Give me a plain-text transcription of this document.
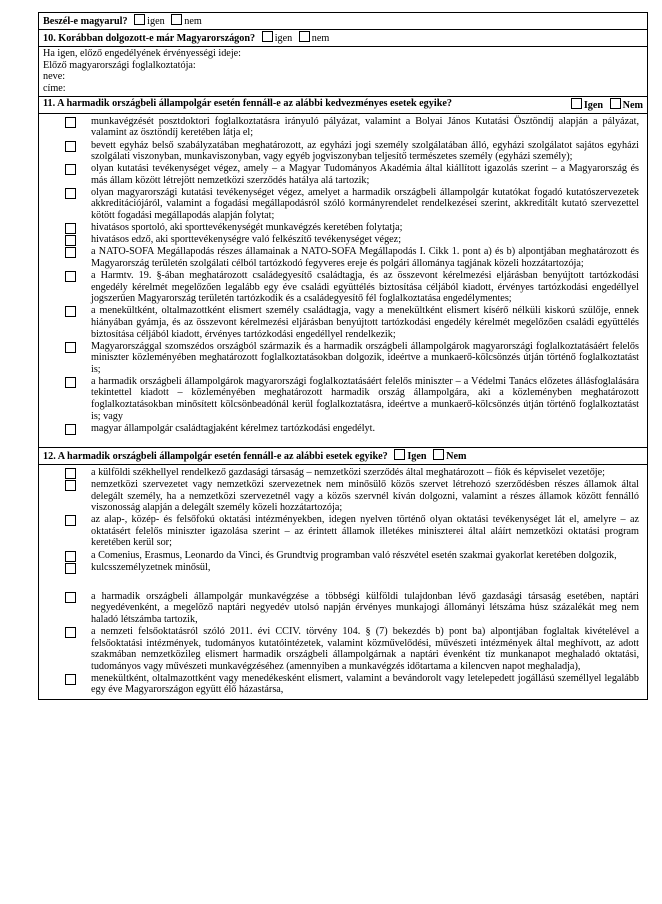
Beszél-e magyarul? igen nem
10. Korábban dolgozott-e már Magyarországon? igen nem
Ha igen, előző engedélyének érvényességi ideje:
Előző magyarországi foglalkoztatója:
neve:
címe:
11. A harmadik országbeli állampolgár esetén fennáll-e az alábbi kedvezményes esetek egyike?	Igen Nem
munkavégzését posztdoktori foglalkoztatásra irányuló pályázat, valamint a Bolyai János Kutatási Ösztöndíj alapján a pályázat, valamint az ösztöndíj keretében látja el;
bevett egyház belső szabályzatában meghatározott, az egyházi jogi személy szolgálatában álló, egyházi szolgálatot sajátos egyházi szolgálati viszonyban, munkaviszonyban, vagy egyéb jogviszonyban teljesítő természetes személy (egyházi személy);
olyan kutatási tevékenységet végez, amely – a Magyar Tudományos Akadémia által kiállított igazolás szerint – a Magyarország és más állam között létrejött nemzetközi szerződés hatálya alá tartozik;
olyan magyarországi kutatási tevékenységet végez, amelyet a harmadik országbeli állampolgár kutatókat fogadó kutatószervezetek akkreditációjáról, valamint a fogadási megállapodásról szóló kormányrendelet rendelkezései szerint, akkreditált kutató szervezettel kötött fogadási megállapodás alapján folytat;
hivatásos sportoló, aki sporttevékenységét munkavégzés keretében folytatja;
hivatásos edző, aki sporttevékenységre való felkészítő tevékenységet végez;
a NATO-SOFA Megállapodás részes államainak a NATO-SOFA Megállapodás I. Cikk 1. pont a) és b) alpontjában meghatározott és Magyarország területén szolgálati célból tartózkodó fegyveres ereje és polgári állományа tagjának közeli hozzátartozója;
a Harmtv. 19. §-ában meghatározott családegyesítő családtagja, és az összevont kérelmezési eljárásban benyújtott tartózkodási engedély kérelmét megelőzően legalább egy éve családi együttélés biztosítása céljából kiadott, érvényes tartózkodási engedéllyel jogszerűen Magyarország területén tartózkodik és a családegyesítő fél foglalkoztatása engedélymentes;
a menekültként, oltalmazottként elismert személy családtagja, vagy a menekültként elismert kísérő nélküli kiskorú szülője, ennek hiányában gyámja, és az összevont kérelmezési eljárásban benyújtott tartózkodási engedély kérelmét megelőzően családi együttélés biztosítása céljából kiadott, érvényes tartózkodási engedéllyel rendelkezik;
Magyarországgal szomszédos országból származik és a harmadik országbeli állampolgárok magyarországi foglalkoztatásáért felelős miniszter közleményében meghatározott foglalkoztatásokban dolgozik, ideértve a munkaerő-kölcsönzés útján történő foglalkoztatást is;
a harmadik országbeli állampolgárok magyarországi foglalkoztatásáért felelős miniszter – a Védelmi Tanács előzetes állásfoglalására tekintettel kiadott – közleményében meghatározott harmadik ország állampolgára, aki a közleményben meghatározott foglalkoztatásokban minősített kölcsönbeadónál kerül foglalkoztatásra, ideértve a munkaerő-kölcsönzés útján történő foglalkoztatást is; vagy
magyar állampolgár családtagjaként kérelmez tartózkodási engedélyt.
12. A harmadik országbeli állampolgár esetén fennáll-e az alábbi esetek egyike? Igen Nem
a külföldi székhellyel rendelkező gazdasági társaság – nemzetközi szerződés által meghatározott – fiók és képviselet vezetője;
nemzetközi szervezetet vagy nemzetközi szervezetnek nem minősülő közös szervet létrehozó szerződésben részes államok által delegált személy, ha a nemzetközi szervezetnél vagy a közös szervnél kíván dolgozni, valamint a részes államok között fennálló viszonosság alapján a delegált személy közeli hozzátartozója;
az alap-, közép- és felsőfokú oktatási intézményekben, idegen nyelven történő olyan oktatási tevékenységet lát el, amelyre – az oktatásért felelős miniszter igazolása szerint – az érintett államok illetékes miniszterei által aláírt nemzetközi oktatási program keretében kerül sor;
a Comenius, Erasmus, Leonardo da Vinci, és Grundtvig programban való részvétel esetén szakmai gyakorlat keretében dolgozik,
kulcsszemélyzetnek minősül,
a harmadik országbeli állampolgár munkavégzése a többségi külföldi tulajdonban lévő gazdasági társaság esetében, naptári negyedévenként, a megelőző naptári negyedév utolsó napján érvényes munkajogi állományi létszáma húsz százalékát meg nem haladó létszámba tartozik,
a nemzeti felsőoktatásról szóló 2011. évi CCIV. törvény 104. § (7) bekezdés b) pont ba) alpontjában foglaltak kivételével a felsőoktatási intézmények, tudományos kutatóintézetek, valamint közművelődési, művészeti intézmények által meghívott, az adott szakmában nemzetközileg elismert harmadik országbeli állampolgárnak a naptári évenként tíz munkanapot meghaladó oktatási, tudományos vagy művészeti munkavégzéséhez (amennyiben a munkavégzés időtartama a kilencven napot meghaladja),
menekültként, oltalmazottként vagy menedékesként elismert, valamint a bevándorolt vagy letelepedett jogállású személlyel legalább egy éve Magyarországon együtt élő házastársa,
